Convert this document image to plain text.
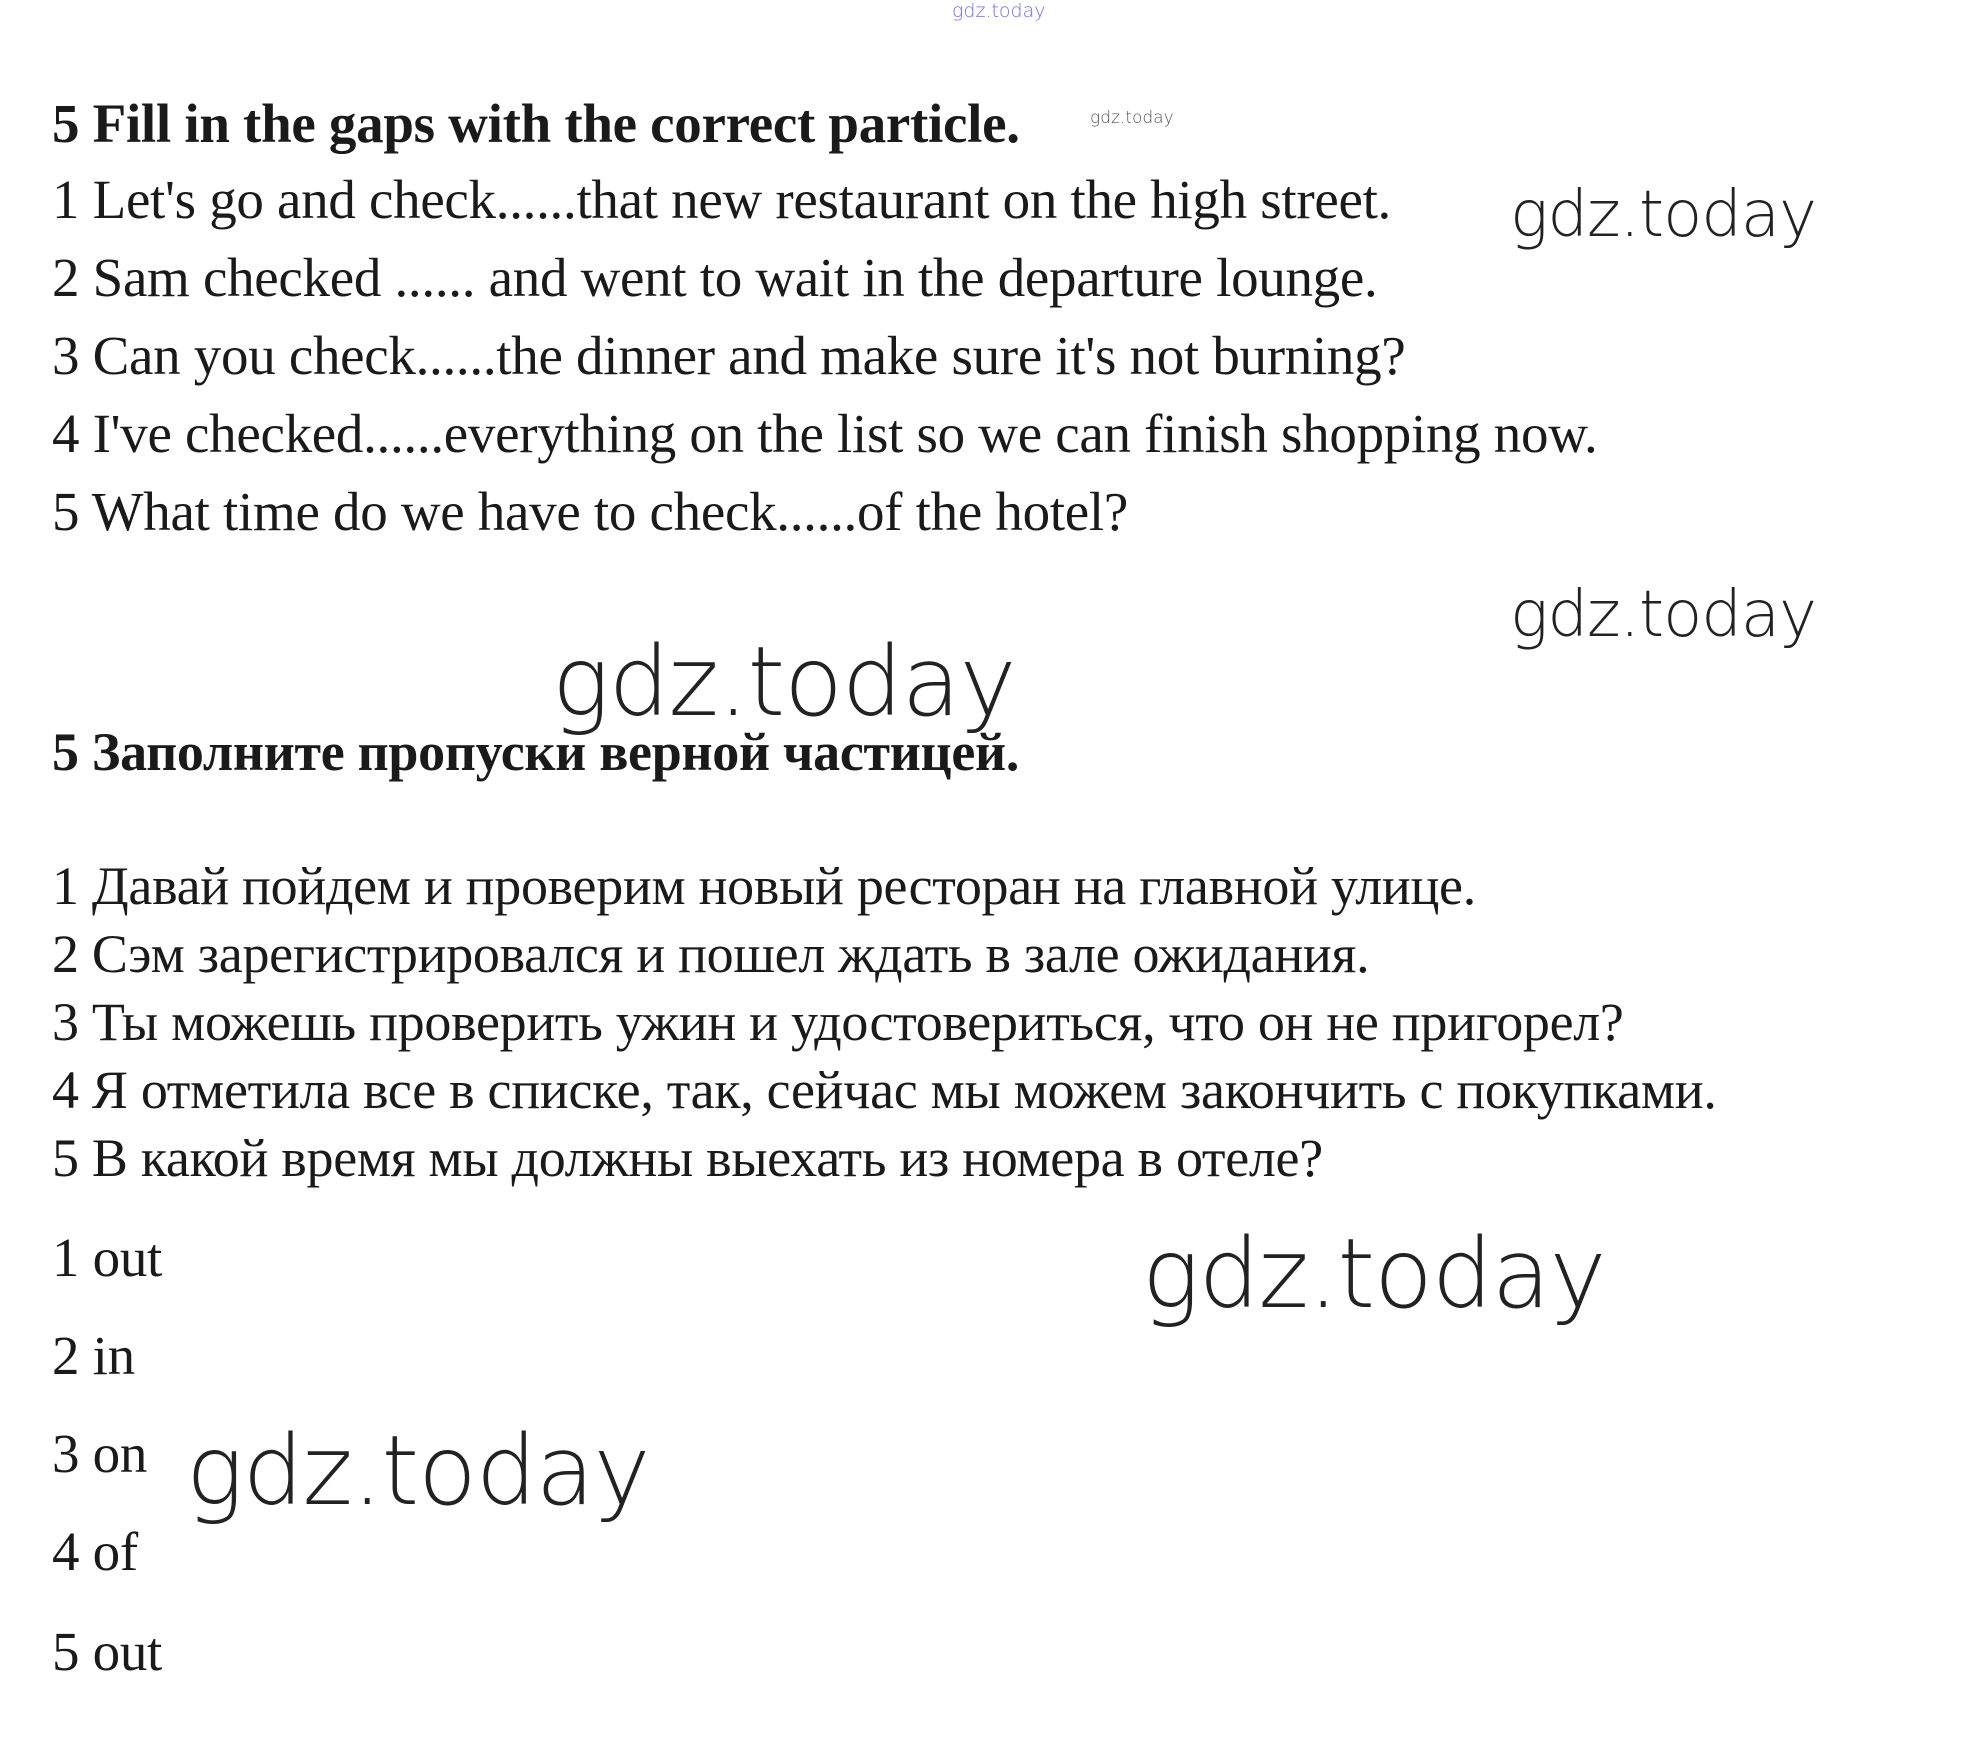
gdz.today
gdz.today
gdz.today
gdz.today
gdz.today
gdz.today
gdz.today
5 Fill in the gaps with the correct particle.
1 Let's go and check......that new restaurant on the high street.
2 Sam checked ...... and went to wait in the departure lounge.
3 Can you check......the dinner and make sure it's not burning?
4 I've checked......everything on the list so we can finish shopping now.
5 What time do we have to check......of the hotel?
5 Заполните пропуски верной частицей.
1 Давай пойдем и проверим новый ресторан на главной улице.
2 Сэм зарегистрировался и пошел ждать в зале ожидания.
3 Ты можешь проверить ужин и удостовериться, что он не пригорел?
4 Я отметила все в списке, так, сейчас мы можем закончить с покупками.
5 В какой время мы должны выехать из номера в отеле?
1 out
2 in
3 on
4 of
5 out
